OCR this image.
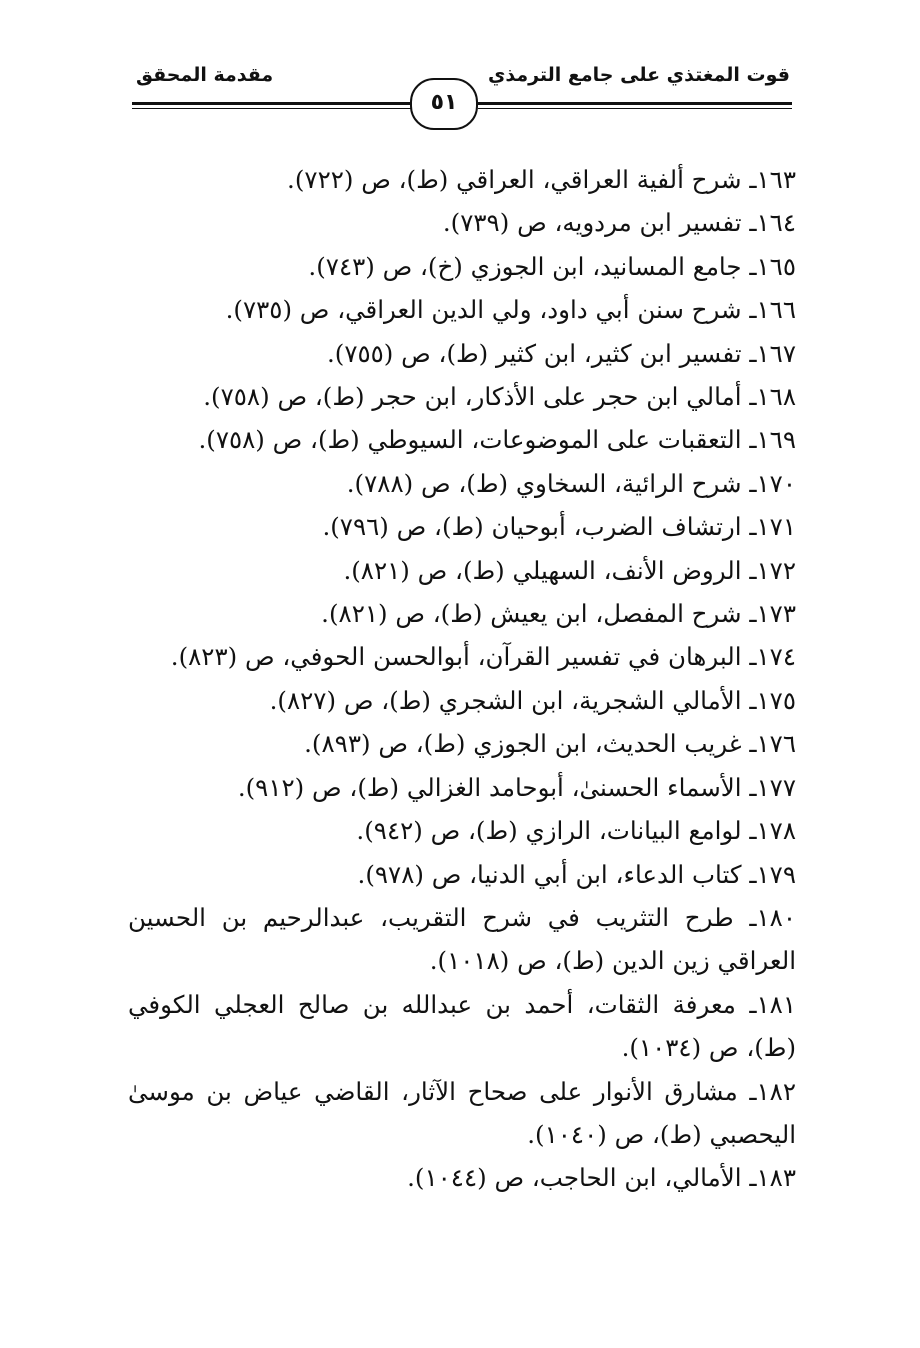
قوت المغتذي على جامع الترمذي
مقدمة المحقق
٥١
١٦٣ـ شرح ألفية العراقي، العراقي (ط)، ص (٧٢٢).
١٦٤ـ تفسير ابن مردويه، ص (٧٣٩).
١٦٥ـ جامع المسانيد، ابن الجوزي (خ)، ص (٧٤٣).
١٦٦ـ شرح سنن أبي داود، ولي الدين العراقي، ص (٧٣٥).
١٦٧ـ تفسير ابن كثير، ابن كثير (ط)، ص (٧٥٥).
١٦٨ـ أمالي ابن حجر على الأذكار، ابن حجر (ط)، ص (٧٥٨).
١٦٩ـ التعقبات على الموضوعات، السيوطي (ط)، ص (٧٥٨).
١٧٠ـ شرح الرائية، السخاوي (ط)، ص (٧٨٨).
١٧١ـ ارتشاف الضرب، أبوحيان (ط)، ص (٧٩٦).
١٧٢ـ الروض الأنف، السهيلي (ط)، ص (٨٢١).
١٧٣ـ شرح المفصل، ابن يعيش (ط)، ص (٨٢١).
١٧٤ـ البرهان في تفسير القرآن، أبوالحسن الحوفي، ص (٨٢٣).
١٧٥ـ الأمالي الشجرية، ابن الشجري (ط)، ص (٨٢٧).
١٧٦ـ غريب الحديث، ابن الجوزي (ط)، ص (٨٩٣).
١٧٧ـ الأسماء الحسنىٰ، أبوحامد الغزالي (ط)، ص (٩١٢).
١٧٨ـ لوامع البيانات، الرازي (ط)، ص (٩٤٢).
١٧٩ـ كتاب الدعاء، ابن أبي الدنيا، ص (٩٧٨).
١٨٠ـ طرح التثريب في شرح التقريب، عبدالرحيم بن الحسين العراقي زين الدين (ط)، ص (١٠١٨).
١٨١ـ معرفة الثقات، أحمد بن عبدالله بن صالح العجلي الكوفي (ط)، ص (١٠٣٤).
١٨٢ـ مشارق الأنوار على صحاح الآثار، القاضي عياض بن موسىٰ اليحصبي (ط)، ص (١٠٤٠).
١٨٣ـ الأمالي، ابن الحاجب، ص (١٠٤٤).
